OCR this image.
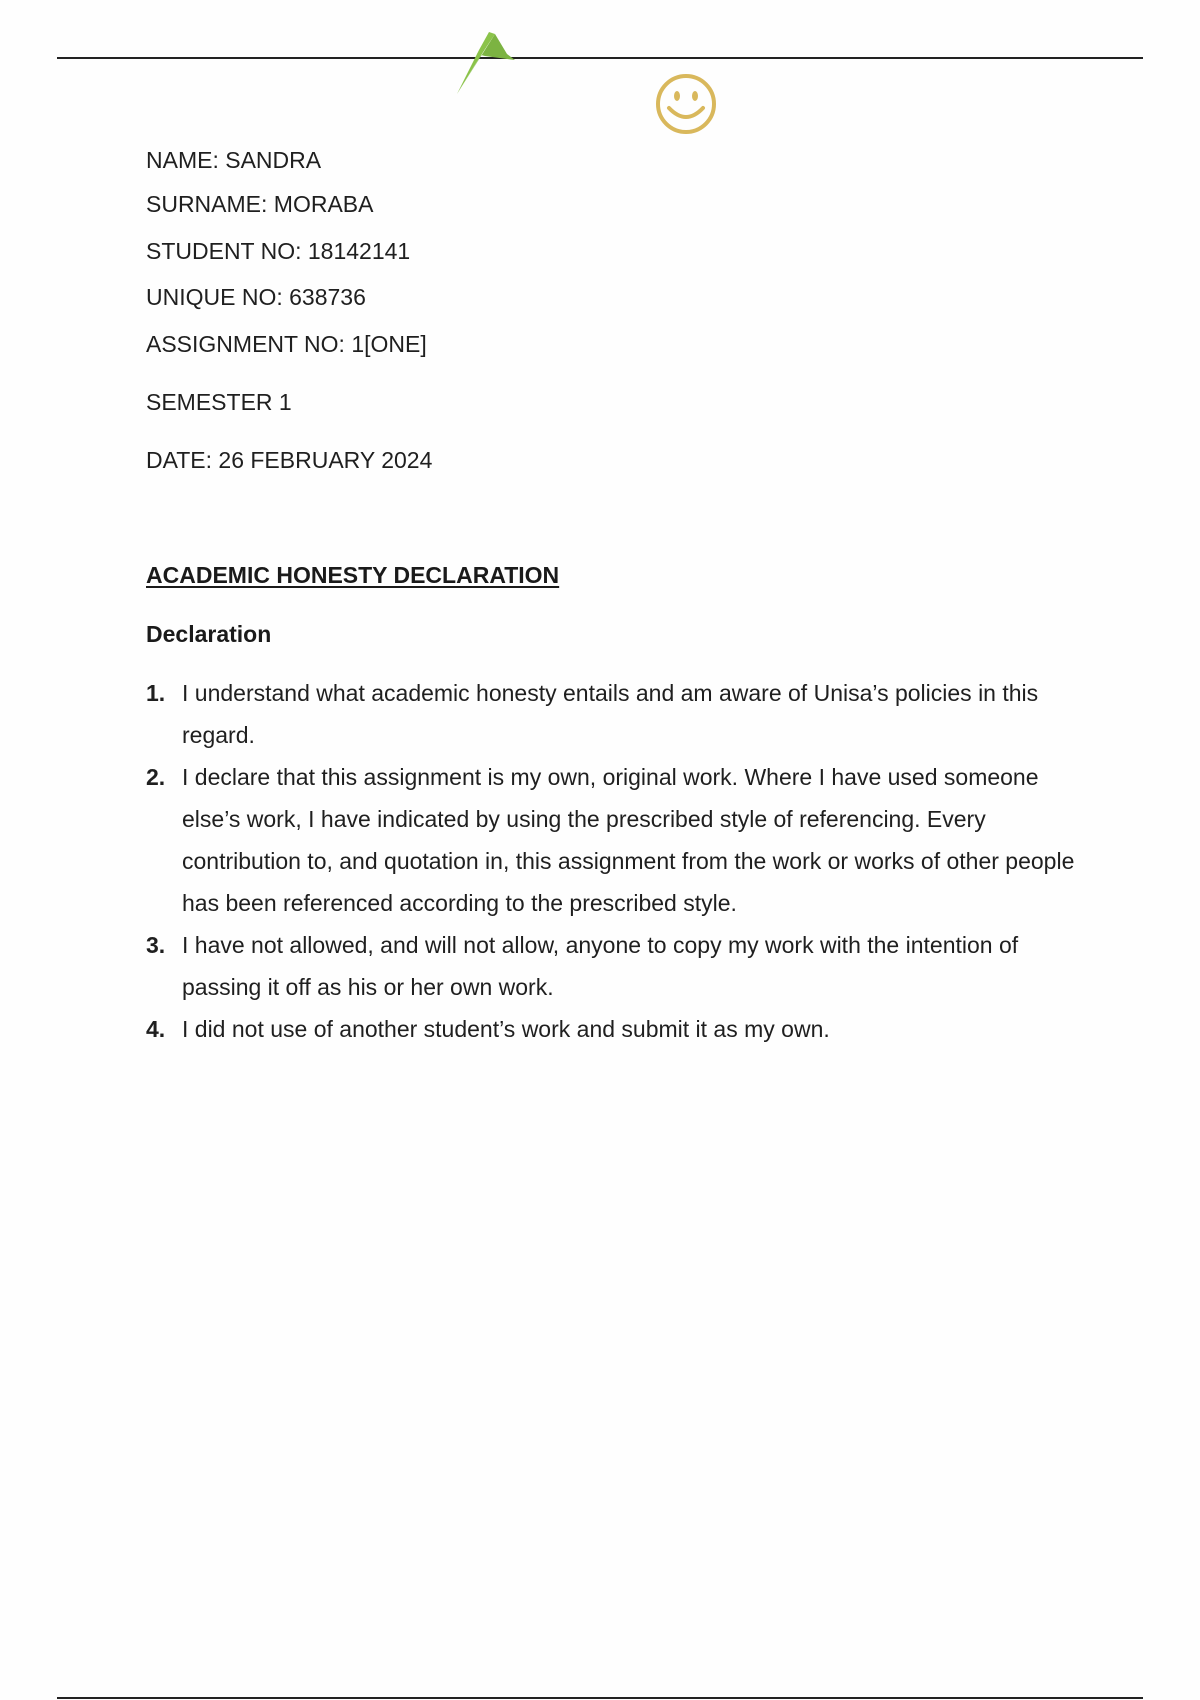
NAME: SANDRA
SURNAME: MORABA
STUDENT NO: 18142141
UNIQUE NO: 638736
ASSIGNMENT NO: 1[ONE]
SEMESTER 1
DATE: 26 FEBRUARY 2024
ACADEMIC HONESTY DECLARATION
Declaration
1. I understand what academic honesty entails and am aware of Unisa’s policies in this regard.
2. I declare that this assignment is my own, original work. Where I have used someone else’s work, I have indicated by using the prescribed style of referencing. Every contribution to, and quotation in, this assignment from the work or works of other people has been referenced according to the prescribed style.
3. I have not allowed, and will not allow, anyone to copy my work with the intention of passing it off as his or her own work.
4. I did not use of another student’s work and submit it as my own.
